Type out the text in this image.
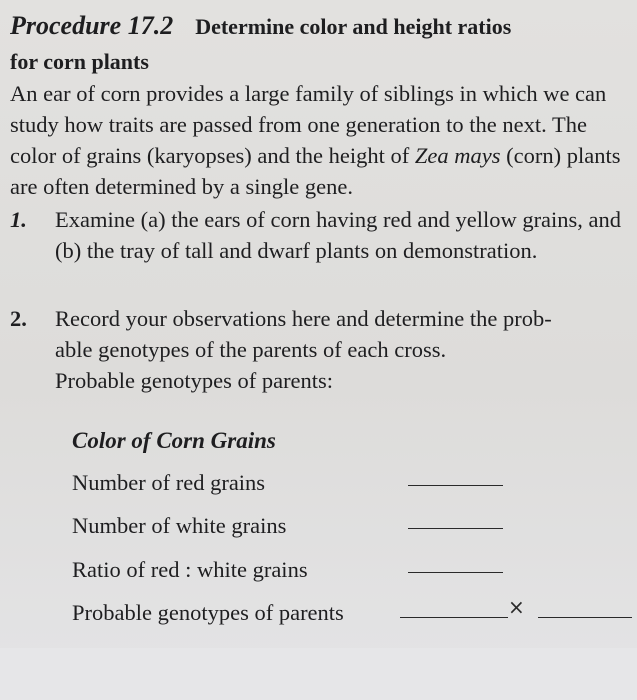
Procedure 17.2 Determine color and height ratios
for corn plants
An ear of corn provides a large family of siblings in which we can study how traits are passed from one generation to the next. The color of grains (karyopses) and the height of Zea mays (corn) plants are often determined by a single gene.
1. Examine (a) the ears of corn having red and yellow grains, and (b) the tray of tall and dwarf plants on demonstration.
2. Record your observations here and determine the prob-
able genotypes of the parents of each cross.
Probable genotypes of parents:
Color of Corn Grains
Number of red grains
Number of white grains
Ratio of red : white grains
Probable genotypes of parents	×
